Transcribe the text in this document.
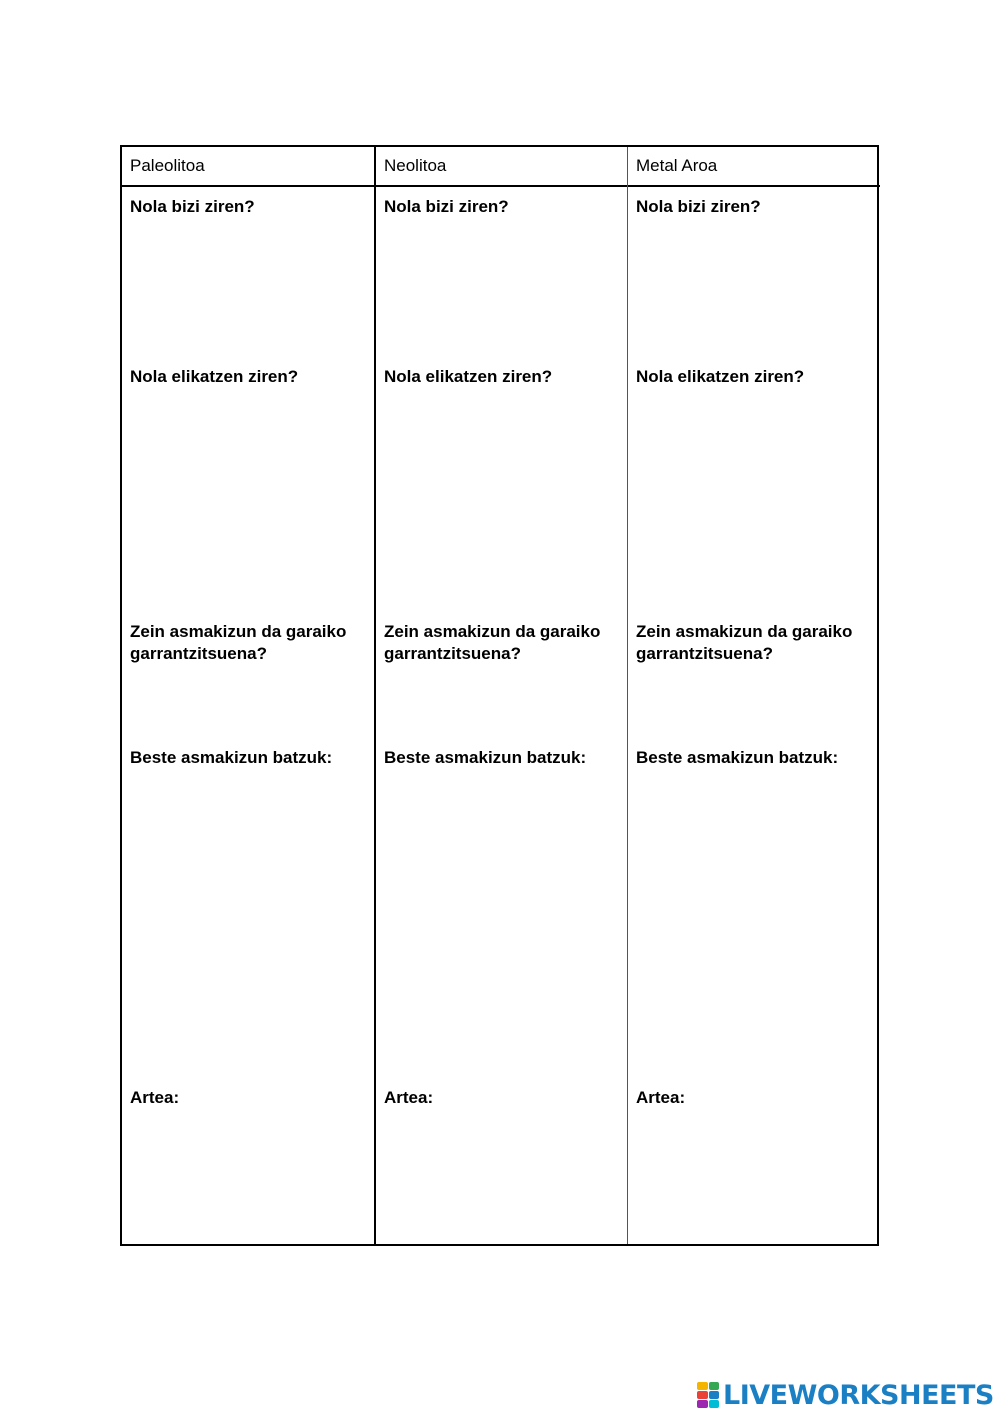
Paleolitoa
Nola bizi ziren?
Nola elikatzen ziren?
Zein asmakizun da garaiko garrantzitsuena?
Beste asmakizun batzuk:
Artea:
Neolitoa
Nola bizi ziren?
Nola elikatzen ziren?
Zein asmakizun da garaiko garrantzitsuena?
Beste asmakizun batzuk:
Artea:
Metal Aroa
Nola bizi ziren?
Nola elikatzen ziren?
Zein asmakizun da garaiko garrantzitsuena?
Beste asmakizun batzuk:
Artea:
LIVEWORKSHEETS
